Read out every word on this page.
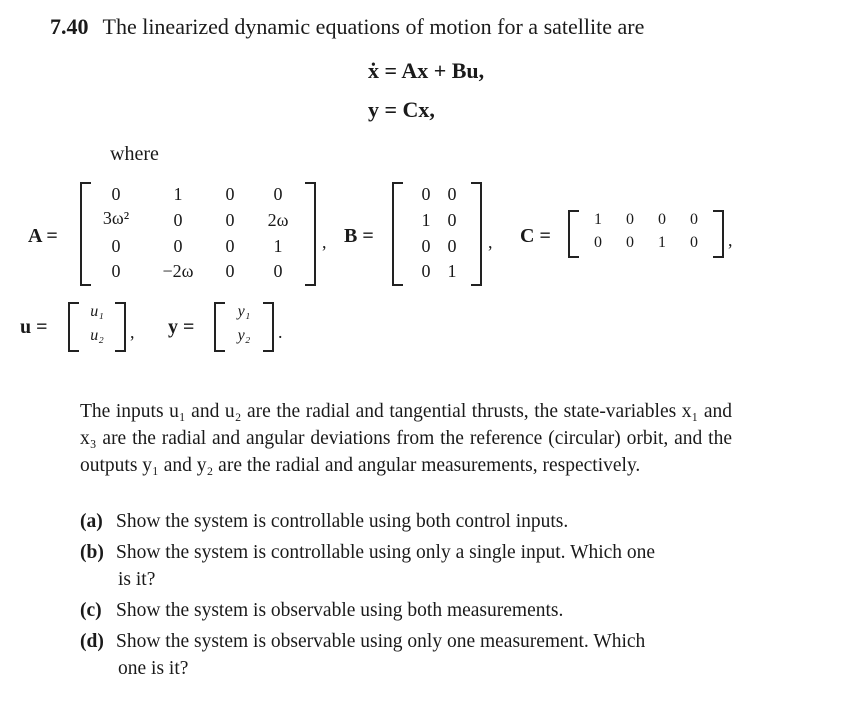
7.40 The linearized dynamic equations of motion for a satellite are
ẋ = Ax + Bu,
y = Cx,
where
A =
0	1 0 0
3ω² 0 0 2ω
0	0 0 1
0 −2ω 0 0
, B =
0 0
1 0
0 0
0 1
, C =
1 0 0 0
0 0 1 0 ,
u =
u₁
u₂ , y =
y₁
y₂ .
The inputs u₁ and u₂ are the radial and tangential thrusts, the state-variables x₁ and x₃ are the radial and angular deviations from the reference (circular) orbit, and the outputs y₁ and y₂ are the radial and angular measurements, respectively.
(a) Show the system is controllable using both control inputs.
(b) Show the system is controllable using only a single input. Which one
is it?
(c) Show the system is observable using both measurements.
(d) Show the system is observable using only one measurement. Which
one is it?
